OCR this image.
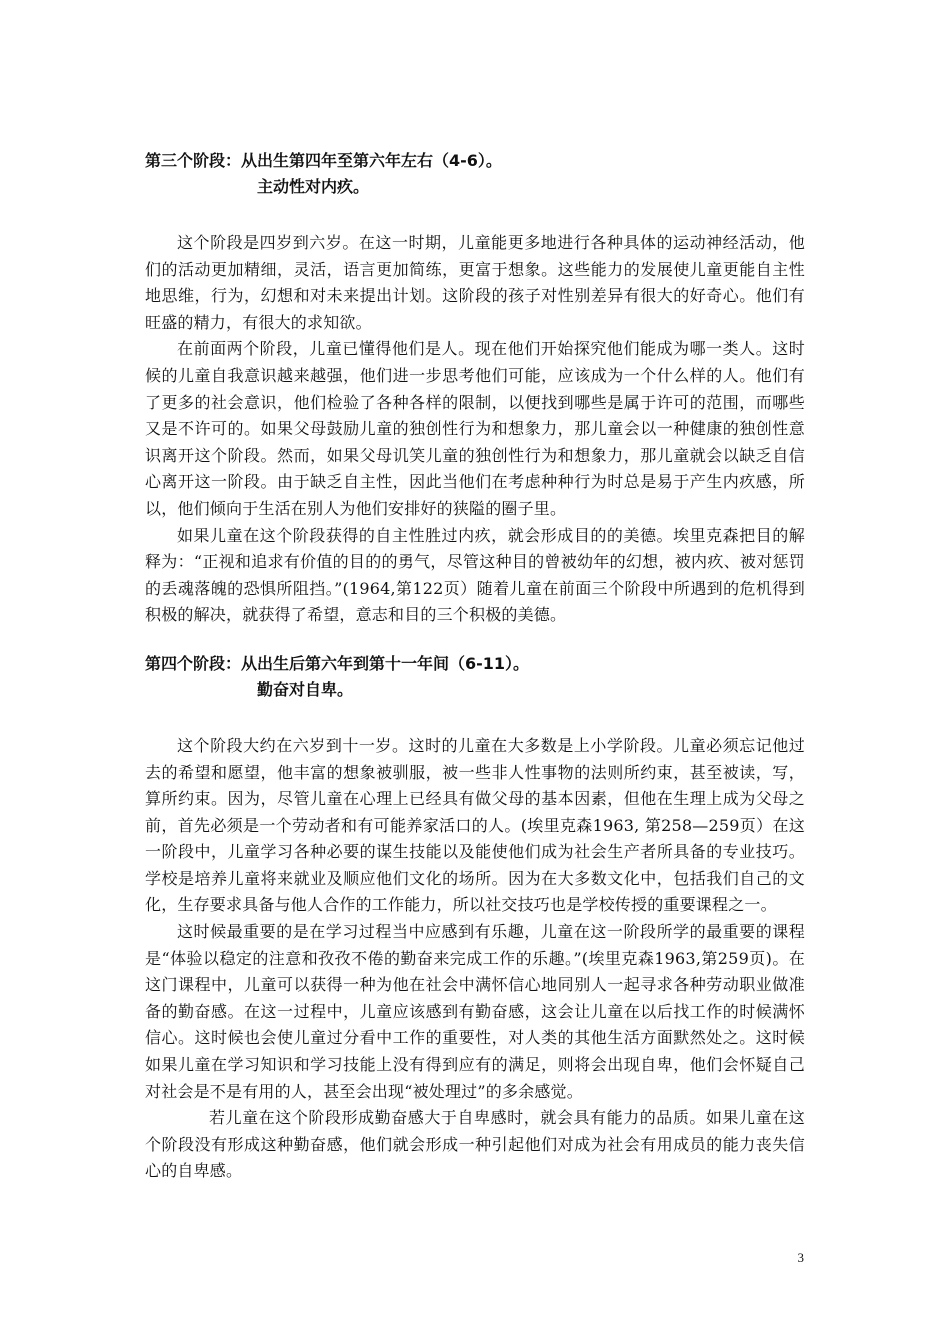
第三个阶段：从出生第四年至第六年左右（4-6）。

主动性对内疚。

这个阶段是四岁到六岁。在这一时期，儿童能更多地进行各种具体的运动神经活动，他们的活动更加精细，灵活，语言更加简练，更富于想象。这些能力的发展使儿童更能自主性地思维，行为，幻想和对未来提出计划。这阶段的孩子对性别差异有很大的好奇心。他们有旺盛的精力，有很大的求知欲。

在前面两个阶段，儿童已懂得他们是人。现在他们开始探究他们能成为哪一类人。这时候的儿童自我意识越来越强，他们进一步思考他们可能，应该成为一个什么样的人。他们有了更多的社会意识，他们检验了各种各样的限制，以便找到哪些是属于许可的范围，而哪些又是不许可的。如果父母鼓励儿童的独创性行为和想象力，那儿童会以一种健康的独创性意识离开这个阶段。然而，如果父母讥笑儿童的独创性行为和想象力，那儿童就会以缺乏自信心离开这一阶段。由于缺乏自主性，因此当他们在考虑种种行为时总是易于产生内疚感，所以，他们倾向于生活在别人为他们安排好的狭隘的圈子里。

如果儿童在这个阶段获得的自主性胜过内疚，就会形成目的的美德。埃里克森把目的解释为：“正视和追求有价值的目的的勇气，尽管这种目的曾被幼年的幻想，被内疚、被对惩罚的丢魂落魄的恐惧所阻挡。”(1964,第122页）随着儿童在前面三个阶段中所遇到的危机得到积极的解决，就获得了希望，意志和目的三个积极的美德。

第四个阶段：从出生后第六年到第十一年间（6-11）。

勤奋对自卑。

这个阶段大约在六岁到十一岁。这时的儿童在大多数是上小学阶段。儿童必须忘记他过去的希望和愿望，他丰富的想象被驯服，被一些非人性事物的法则所约束，甚至被读，写，算所约束。因为，尽管儿童在心理上已经具有做父母的基本因素，但他在生理上成为父母之前，首先必须是一个劳动者和有可能养家活口的人。(埃里克森1963, 第258—259页）在这一阶段中，儿童学习各种必要的谋生技能以及能使他们成为社会生产者所具备的专业技巧。学校是培养儿童将来就业及顺应他们文化的场所。因为在大多数文化中，包括我们自己的文化，生存要求具备与他人合作的工作能力，所以社交技巧也是学校传授的重要课程之一。

这时候最重要的是在学习过程当中应感到有乐趣，儿童在这一阶段所学的最重要的课程是“体验以稳定的注意和孜孜不倦的勤奋来完成工作的乐趣。”(埃里克森1963,第259页)。在这门课程中，儿童可以获得一种为他在社会中满怀信心地同别人一起寻求各种劳动职业做准备的勤奋感。在这一过程中，儿童应该感到有勤奋感，这会让儿童在以后找工作的时候满怀信心。这时候也会使儿童过分看中工作的重要性，对人类的其他生活方面默然处之。这时候如果儿童在学习知识和学习技能上没有得到应有的满足，则将会出现自卑，他们会怀疑自己对社会是不是有用的人，甚至会出现“被处理过”的多余感觉。

若儿童在这个阶段形成勤奋感大于自卑感时，就会具有能力的品质。如果儿童在这个阶段没有形成这种勤奋感，他们就会形成一种引起他们对成为社会有用成员的能力丧失信心的自卑感。

3
